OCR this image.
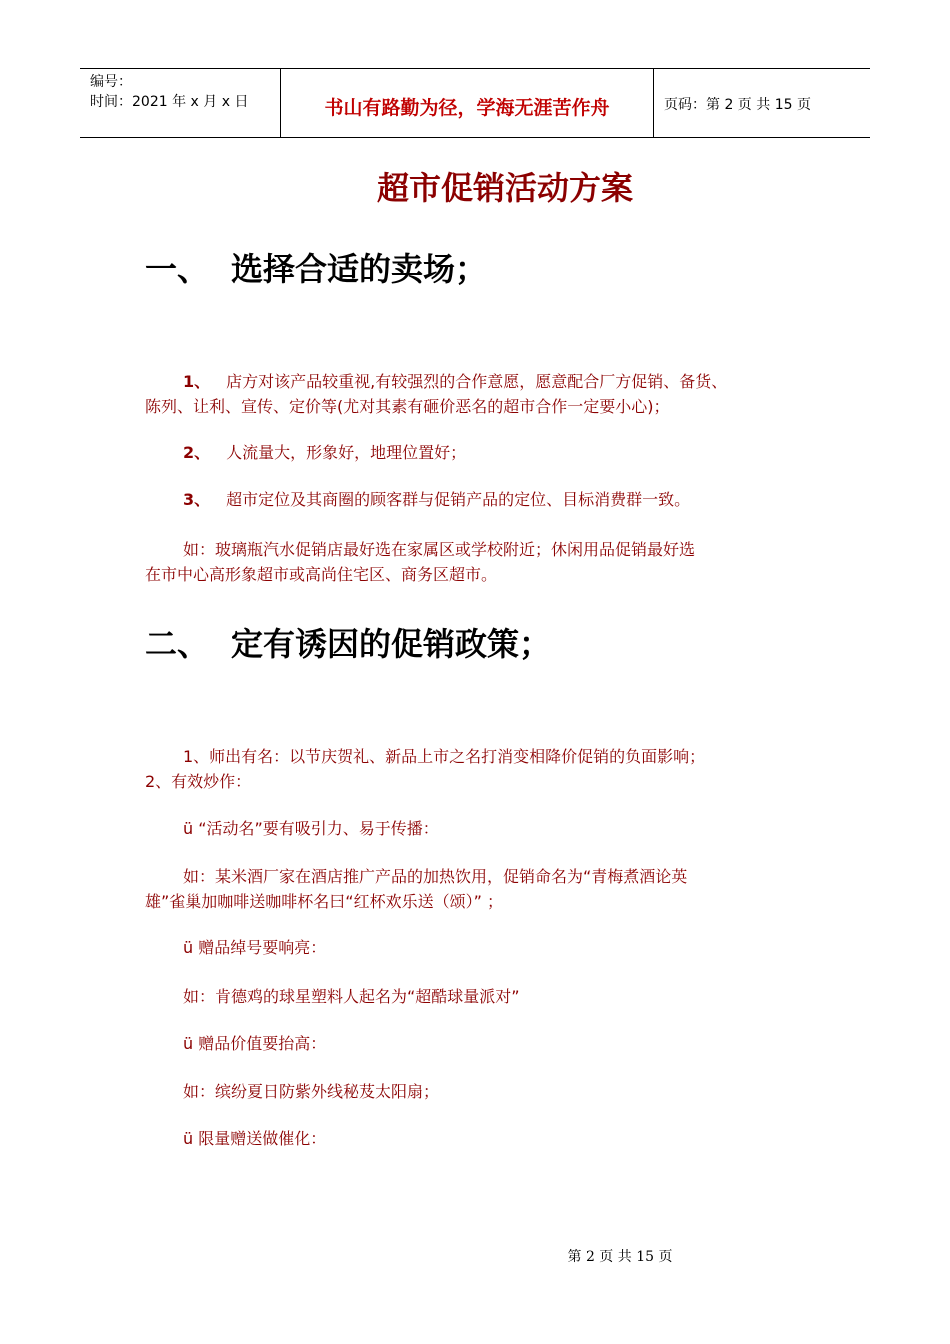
编号：
时间：2021 年 x 月 x 日	书山有路勤为径，学海无涯苦作舟	页码：第 2 页 共 15 页
超市促销活动方案
一、 选择合适的卖场；
1、 店方对该产品较重视,有较强烈的合作意愿，愿意配合厂方促销、备货、
陈列、让利、宣传、定价等(尤对其素有砸价恶名的超市合作一定要小心)；
2、 人流量大，形象好，地理位置好；
3、 超市定位及其商圈的顾客群与促销产品的定位、目标消费群一致。
如：玻璃瓶汽水促销店最好选在家属区或学校附近；休闲用品促销最好选
在市中心高形象超市或高尚住宅区、商务区超市。
二、 定有诱因的促销政策；
1、师出有名：以节庆贺礼、新品上市之名打消变相降价促销的负面影响；
2、有效炒作：
ü “活动名”要有吸引力、易于传播：
如：某米酒厂家在酒店推广产品的加热饮用，促销命名为“青梅煮酒论英
雄”雀巢加咖啡送咖啡杯名曰“红杯欢乐送（颂）” ；
ü 赠品绰号要响亮：
如：肯德鸡的球星塑料人起名为“超酷球量派对”
ü 赠品价值要抬高：
如：缤纷夏日防紫外线秘芨太阳扇；
ü 限量赠送做催化：
第 2 页 共 15 页
